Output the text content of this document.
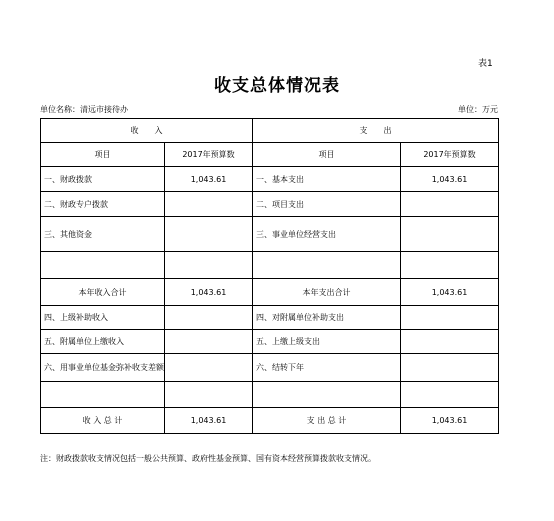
表1
收支总体情况表
单位名称：清远市接待办	单位：万元
收　　入		支　　出	
项目	2017年预算数	项目	2017年预算数
一、财政拨款	1,043.61	一、基本支出	1,043.61
二、财政专户拨款		二、项目支出	
三、其他资金		三、事业单位经营支出	

本年收入合计	1,043.61	本年支出合计	1,043.61
四、上级补助收入		四、对附属单位补助支出	
五、附属单位上缴收入		五、上缴上级支出	
六、用事业单位基金弥补收支差额		六、结转下年	

收 入 总 计	1,043.61	支 出 总 计	1,043.61
注：财政拨款收支情况包括一般公共预算、政府性基金预算、国有资本经营预算拨款收支情况。
